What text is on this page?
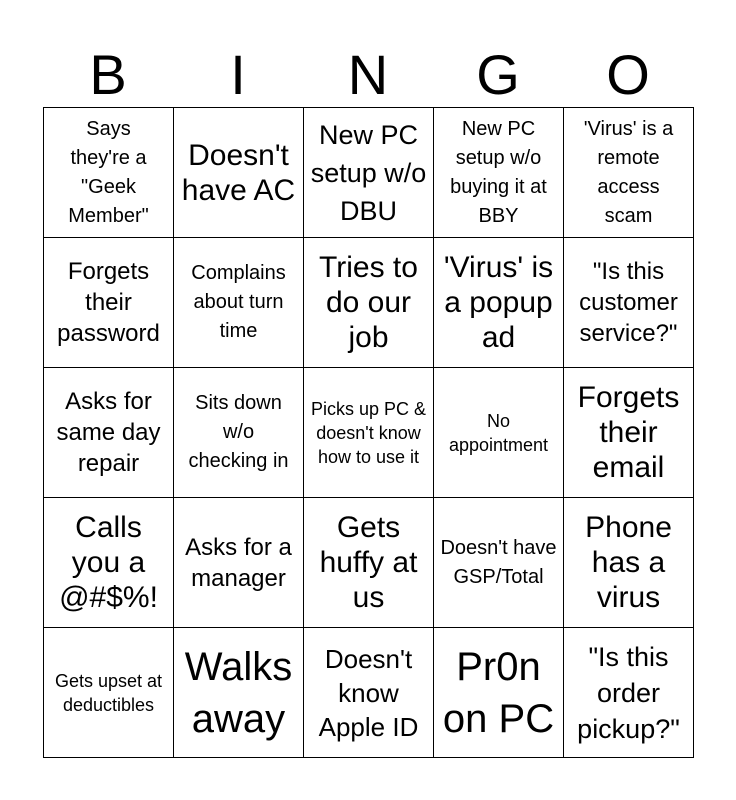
B	I	N	G	O
Says they're a "Geek Member"
Doesn't have AC
New PC setup w/o DBU
New PC setup w/o buying it at BBY
'Virus' is a remote access scam
Forgets their password
Complains about turn time
Tries to do our job
'Virus' is a popup ad
"Is this customer service?"
Asks for same day repair
Sits down w/o checking in
Picks up PC & doesn't know how to use it
No appointment
Forgets their email
Calls you a @#$%!
Asks for a manager
Gets huffy at us
Doesn't have GSP/Total
Phone has a virus
Gets upset at deductibles
Walks away
Doesn't know Apple ID
Pr0n on PC
"Is this order pickup?"
